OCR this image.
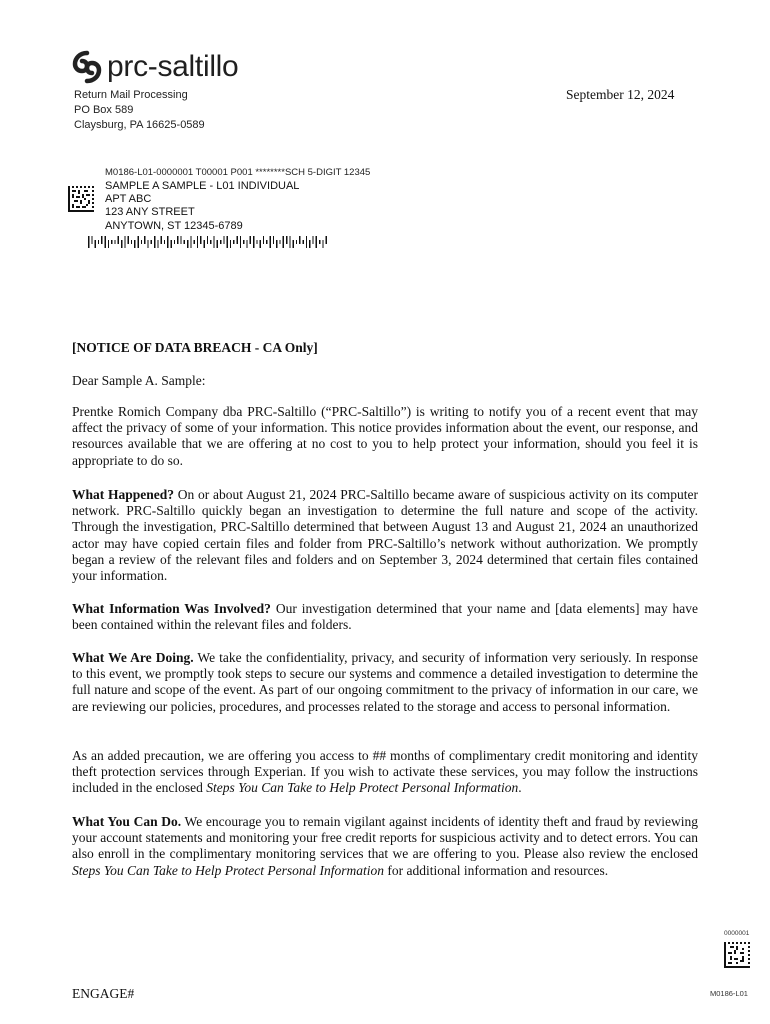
prc-saltillo
Return Mail Processing
PO Box 589
Claysburg, PA 16625-0589
September 12, 2024
M0186-L01-0000001 T00001 P001 ********SCH 5-DIGIT 12345
SAMPLE A SAMPLE - L01 INDIVIDUAL
APT ABC
123 ANY STREET
ANYTOWN, ST 12345-6789
[NOTICE OF DATA BREACH - CA Only]
Dear Sample A. Sample:
Prentke Romich Company dba PRC-Saltillo (“PRC-Saltillo”) is writing to notify you of a recent event that may affect the privacy of some of your information. This notice provides information about the event, our response, and resources available that we are offering at no cost to you to help protect your information, should you feel it is appropriate to do so.
What Happened? On or about August 21, 2024 PRC-Saltillo became aware of suspicious activity on its computer network. PRC-Saltillo quickly began an investigation to determine the full nature and scope of the activity. Through the investigation, PRC-Saltillo determined that between August 13 and August 21, 2024 an unauthorized actor may have copied certain files and folder from PRC-Saltillo’s network without authorization. We promptly began a review of the relevant files and folders and on September 3, 2024 determined that certain files contained your information.
What Information Was Involved? Our investigation determined that your name and [data elements] may have been contained within the relevant files and folders.
What We Are Doing. We take the confidentiality, privacy, and security of information very seriously. In response to this event, we promptly took steps to secure our systems and commence a detailed investigation to determine the full nature and scope of the event. As part of our ongoing commitment to the privacy of information in our care, we are reviewing our policies, procedures, and processes related to the storage and access to personal information.
As an added precaution, we are offering you access to ## months of complimentary credit monitoring and identity theft protection services through Experian. If you wish to activate these services, you may follow the instructions included in the enclosed Steps You Can Take to Help Protect Personal Information.
What You Can Do. We encourage you to remain vigilant against incidents of identity theft and fraud by reviewing your account statements and monitoring your free credit reports for suspicious activity and to detect errors. You can also enroll in the complimentary monitoring services that we are offering to you. Please also review the enclosed Steps You Can Take to Help Protect Personal Information for additional information and resources.
0000001
M0186-L01
ENGAGE#
